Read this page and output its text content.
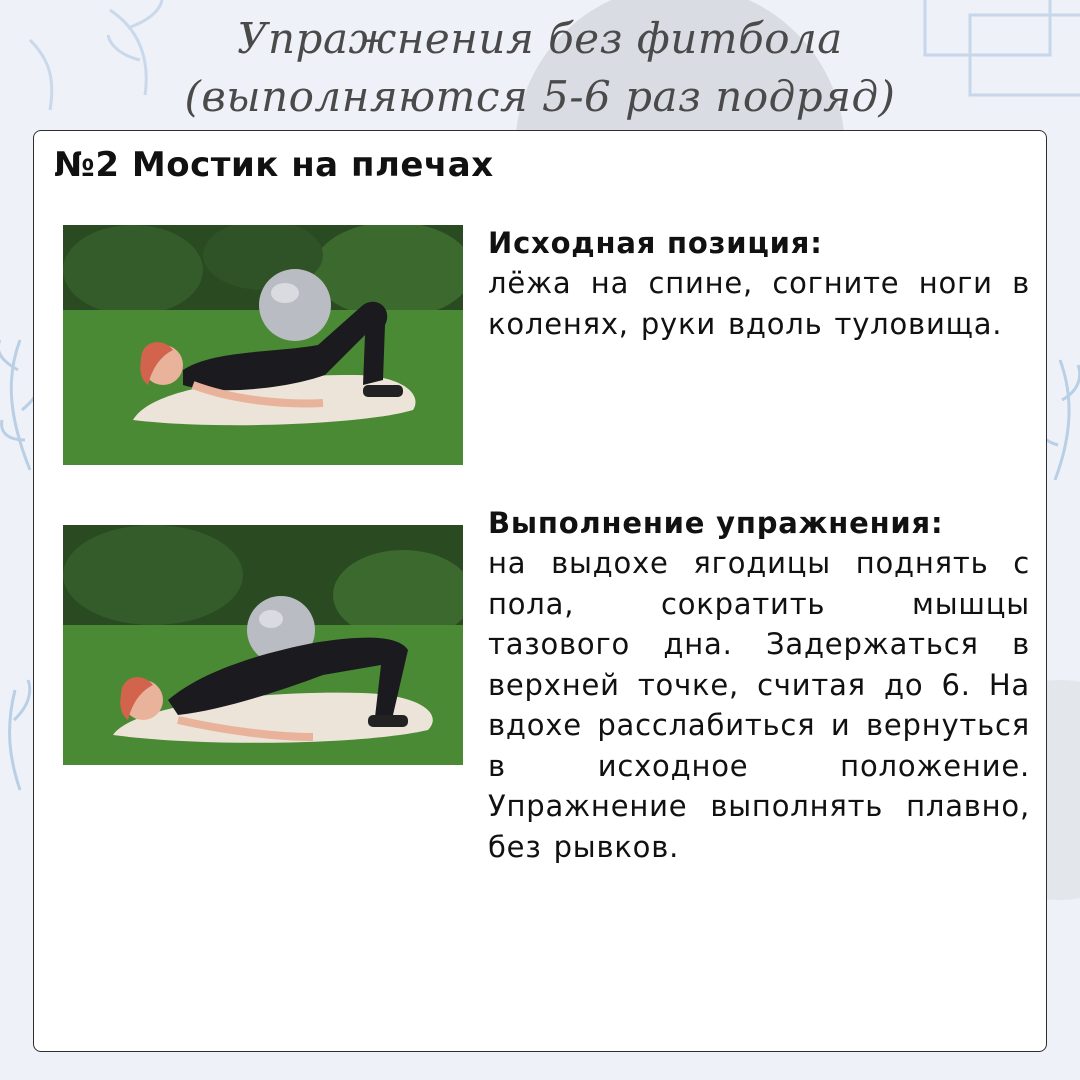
Упражнения без фитбола
(выполняются 5-6 раз подряд)
№2 Мостик на плечах
Исходная позиция:

лёжа на спине, согните ноги в коленях, руки вдоль туловища.

Выполнение упражнения:

на выдохе ягодицы поднять с пола, сократить мышцы тазового дна. Задержаться в верхней точке, считая до 6. На вдохе расслабиться и вернуться в исходное положение. Упражнение выполнять плавно, без рывков.
